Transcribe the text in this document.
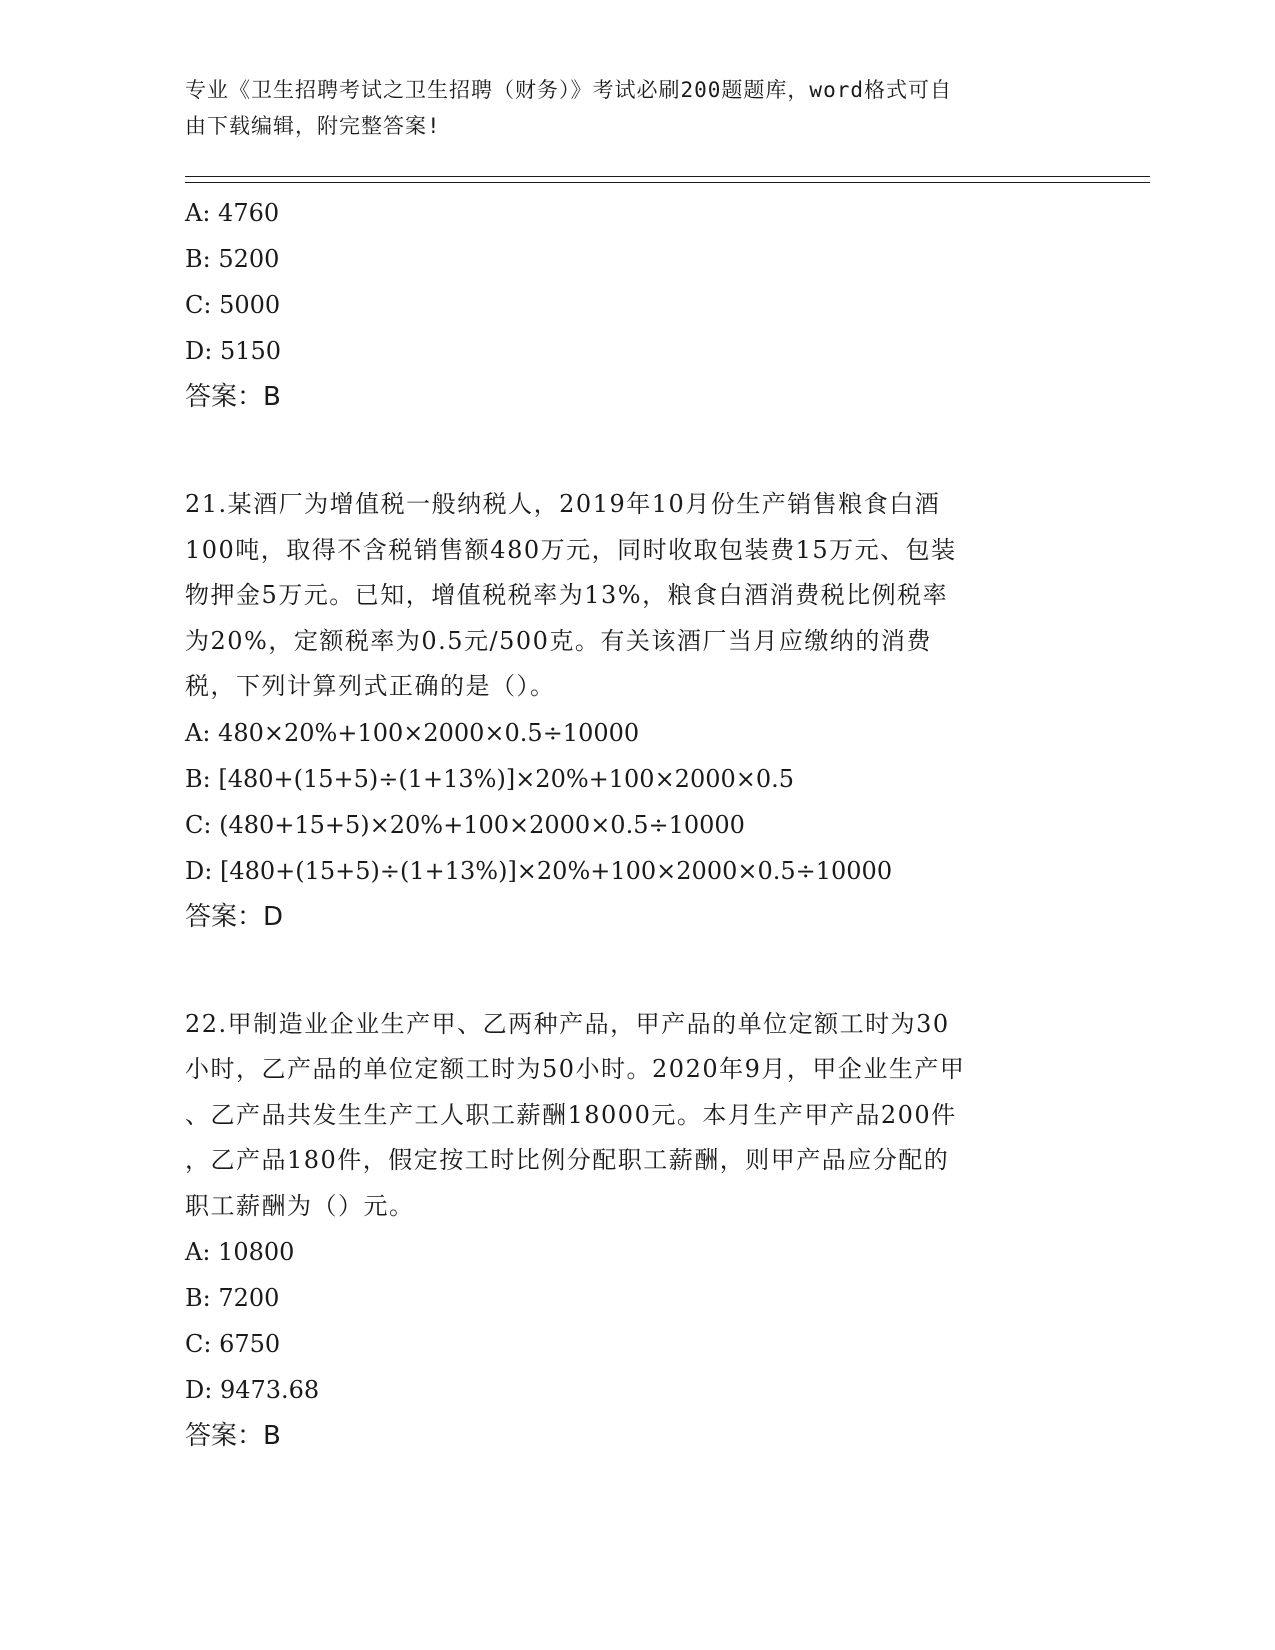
专业《卫生招聘考试之卫生招聘（财务）》考试必刷200题题库，word格式可自
由下载编辑，附完整答案!
A: 4760
B: 5200
C: 5000
D: 5150
答案：B
21.某酒厂为增值税一般纳税人，2019年10月份生产销售粮食白酒
100吨，取得不含税销售额480万元，同时收取包装费15万元、包装
物押金5万元。已知，增值税税率为13%，粮食白酒消费税比例税率
为20%，定额税率为0.5元/500克。有关该酒厂当月应缴纳的消费
税，下列计算列式正确的是（）。
A: 480×20%+100×2000×0.5÷10000
B: [480+(15+5)÷(1+13%)]×20%+100×2000×0.5
C: (480+15+5)×20%+100×2000×0.5÷10000
D: [480+(15+5)÷(1+13%)]×20%+100×2000×0.5÷10000
答案：D
22.甲制造业企业生产甲、乙两种产品，甲产品的单位定额工时为30
小时，乙产品的单位定额工时为50小时。2020年9月，甲企业生产甲
、乙产品共发生生产工人职工薪酬18000元。本月生产甲产品200件
，乙产品180件，假定按工时比例分配职工薪酬，则甲产品应分配的
职工薪酬为（）元。
A: 10800
B: 7200
C: 6750
D: 9473.68
答案：B
